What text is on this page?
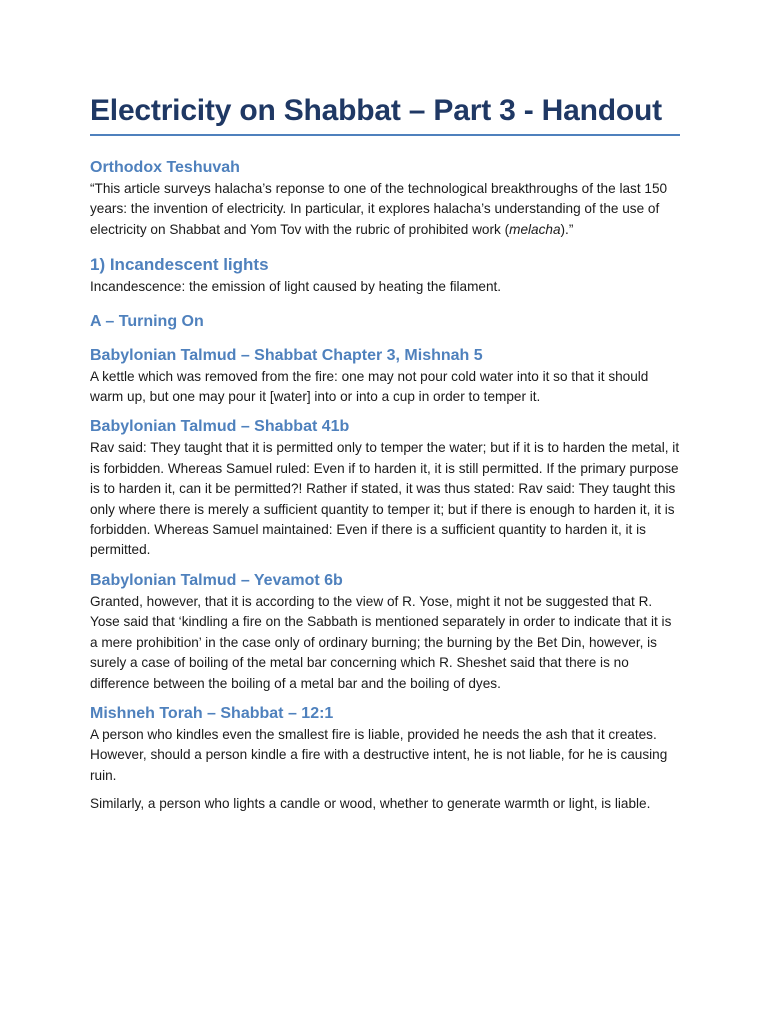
Electricity on Shabbat – Part 3 - Handout
Orthodox Teshuvah

“This article surveys halacha’s reponse to one of the technological breakthroughs of the last 150 years: the invention of electricity. In particular, it explores halacha’s understanding of the use of electricity on Shabbat and Yom Tov with the rubric of prohibited work (melacha).”

1) Incandescent lights

Incandescence: the emission of light caused by heating the filament.

A – Turning On
Babylonian Talmud – Shabbat Chapter 3, Mishnah 5

A kettle which was removed from the fire: one may not pour cold water into it so that it should warm up, but one may pour it [water] into or into a cup in order to temper it.

Babylonian Talmud – Shabbat 41b

Rav said: They taught that it is permitted only to temper the water; but if it is to harden the metal, it is forbidden. Whereas Samuel ruled: Even if to harden it, it is still permitted. If the primary purpose is to harden it, can it be permitted?! Rather if stated, it was thus stated: Rav said: They taught this only where there is merely a sufficient quantity to temper it; but if there is enough to harden it, it is forbidden. Whereas Samuel maintained: Even if there is a sufficient quantity to harden it, it is permitted.

Babylonian Talmud – Yevamot 6b

Granted, however, that it is according to the view of R. Yose, might it not be suggested that R. Yose said that ‘kindling a fire on the Sabbath is mentioned separately in order to indicate that it is a mere prohibition’ in the case only of ordinary burning; the burning by the Bet Din, however, is surely a case of boiling of the metal bar concerning which R. Sheshet said that there is no difference between the boiling of a metal bar and the boiling of dyes.

Mishneh Torah – Shabbat – 12:1

A person who kindles even the smallest fire is liable, provided he needs the ash that it creates. However, should a person kindle a fire with a destructive intent, he is not liable, for he is causing ruin.

Similarly, a person who lights a candle or wood, whether to generate warmth or light, is liable.
